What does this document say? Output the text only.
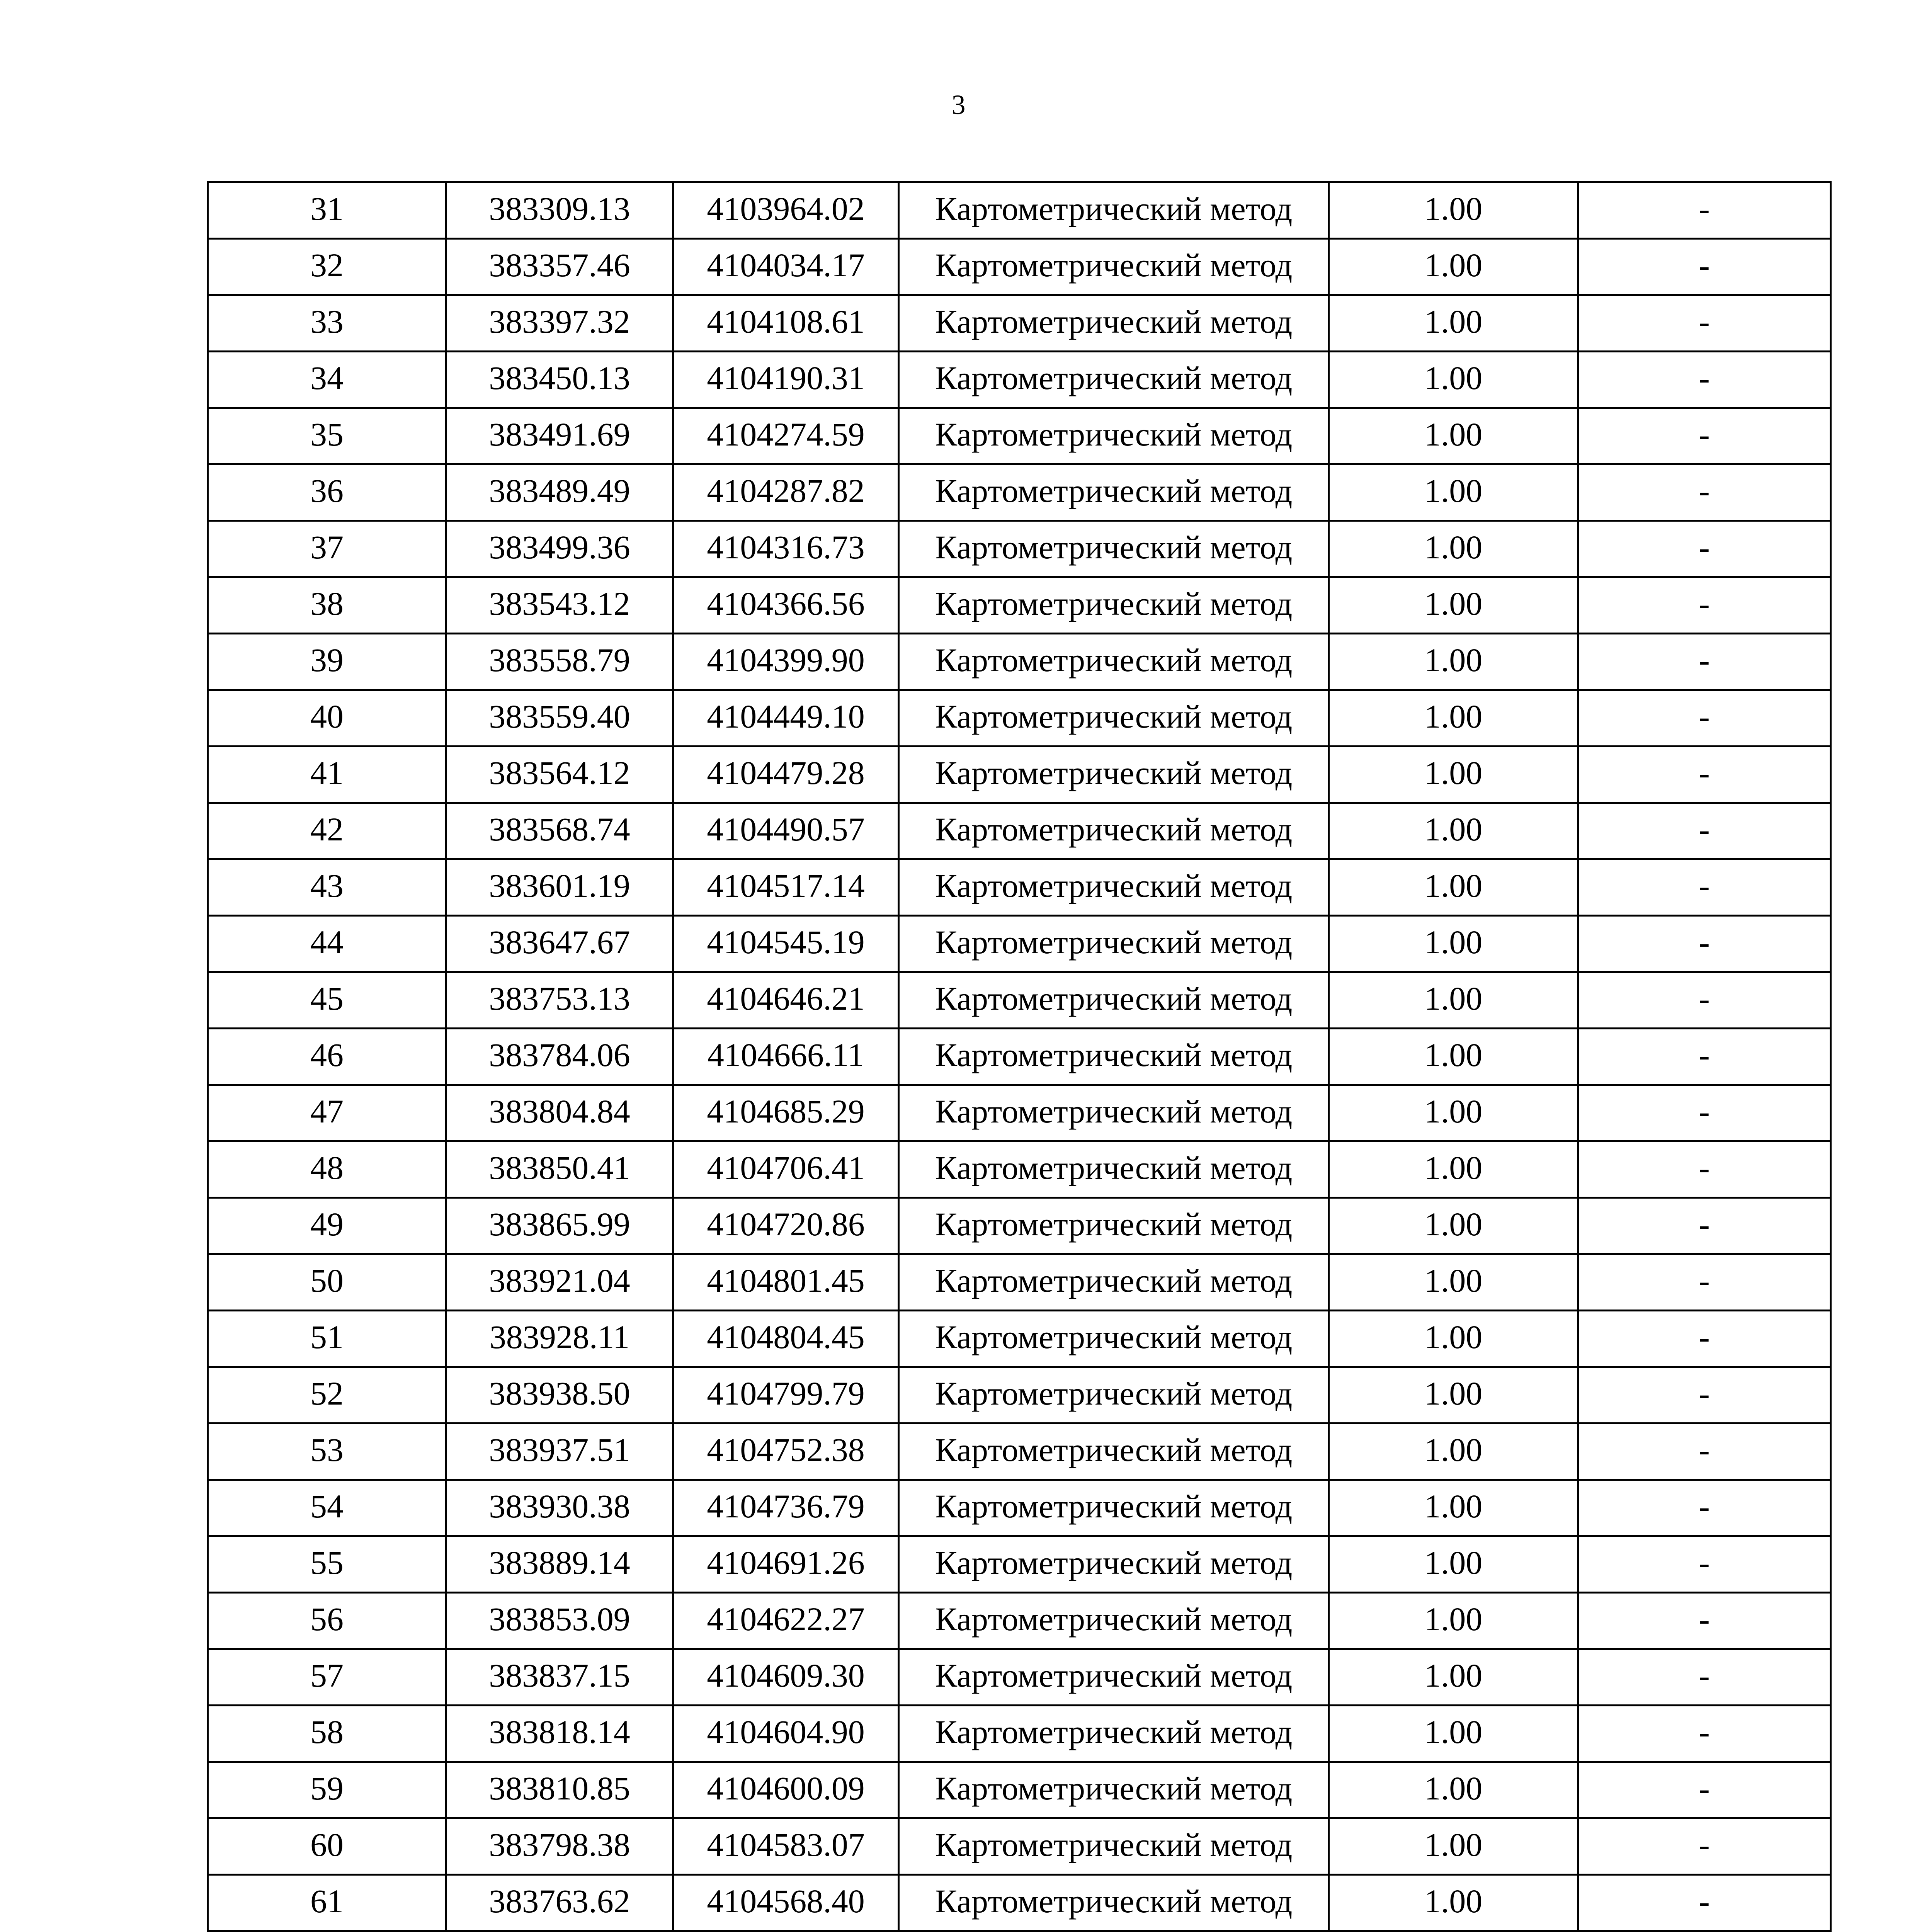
3
31	383309.13	4103964.02	Картометрический метод	1.00	-
32	383357.46	4104034.17	Картометрический метод	1.00	-
33	383397.32	4104108.61	Картометрический метод	1.00	-
34	383450.13	4104190.31	Картометрический метод	1.00	-
35	383491.69	4104274.59	Картометрический метод	1.00	-
36	383489.49	4104287.82	Картометрический метод	1.00	-
37	383499.36	4104316.73	Картометрический метод	1.00	-
38	383543.12	4104366.56	Картометрический метод	1.00	-
39	383558.79	4104399.90	Картометрический метод	1.00	-
40	383559.40	4104449.10	Картометрический метод	1.00	-
41	383564.12	4104479.28	Картометрический метод	1.00	-
42	383568.74	4104490.57	Картометрический метод	1.00	-
43	383601.19	4104517.14	Картометрический метод	1.00	-
44	383647.67	4104545.19	Картометрический метод	1.00	-
45	383753.13	4104646.21	Картометрический метод	1.00	-
46	383784.06	4104666.11	Картометрический метод	1.00	-
47	383804.84	4104685.29	Картометрический метод	1.00	-
48	383850.41	4104706.41	Картометрический метод	1.00	-
49	383865.99	4104720.86	Картометрический метод	1.00	-
50	383921.04	4104801.45	Картометрический метод	1.00	-
51	383928.11	4104804.45	Картометрический метод	1.00	-
52	383938.50	4104799.79	Картометрический метод	1.00	-
53	383937.51	4104752.38	Картометрический метод	1.00	-
54	383930.38	4104736.79	Картометрический метод	1.00	-
55	383889.14	4104691.26	Картометрический метод	1.00	-
56	383853.09	4104622.27	Картометрический метод	1.00	-
57	383837.15	4104609.30	Картометрический метод	1.00	-
58	383818.14	4104604.90	Картометрический метод	1.00	-
59	383810.85	4104600.09	Картометрический метод	1.00	-
60	383798.38	4104583.07	Картометрический метод	1.00	-
61	383763.62	4104568.40	Картометрический метод	1.00	-
